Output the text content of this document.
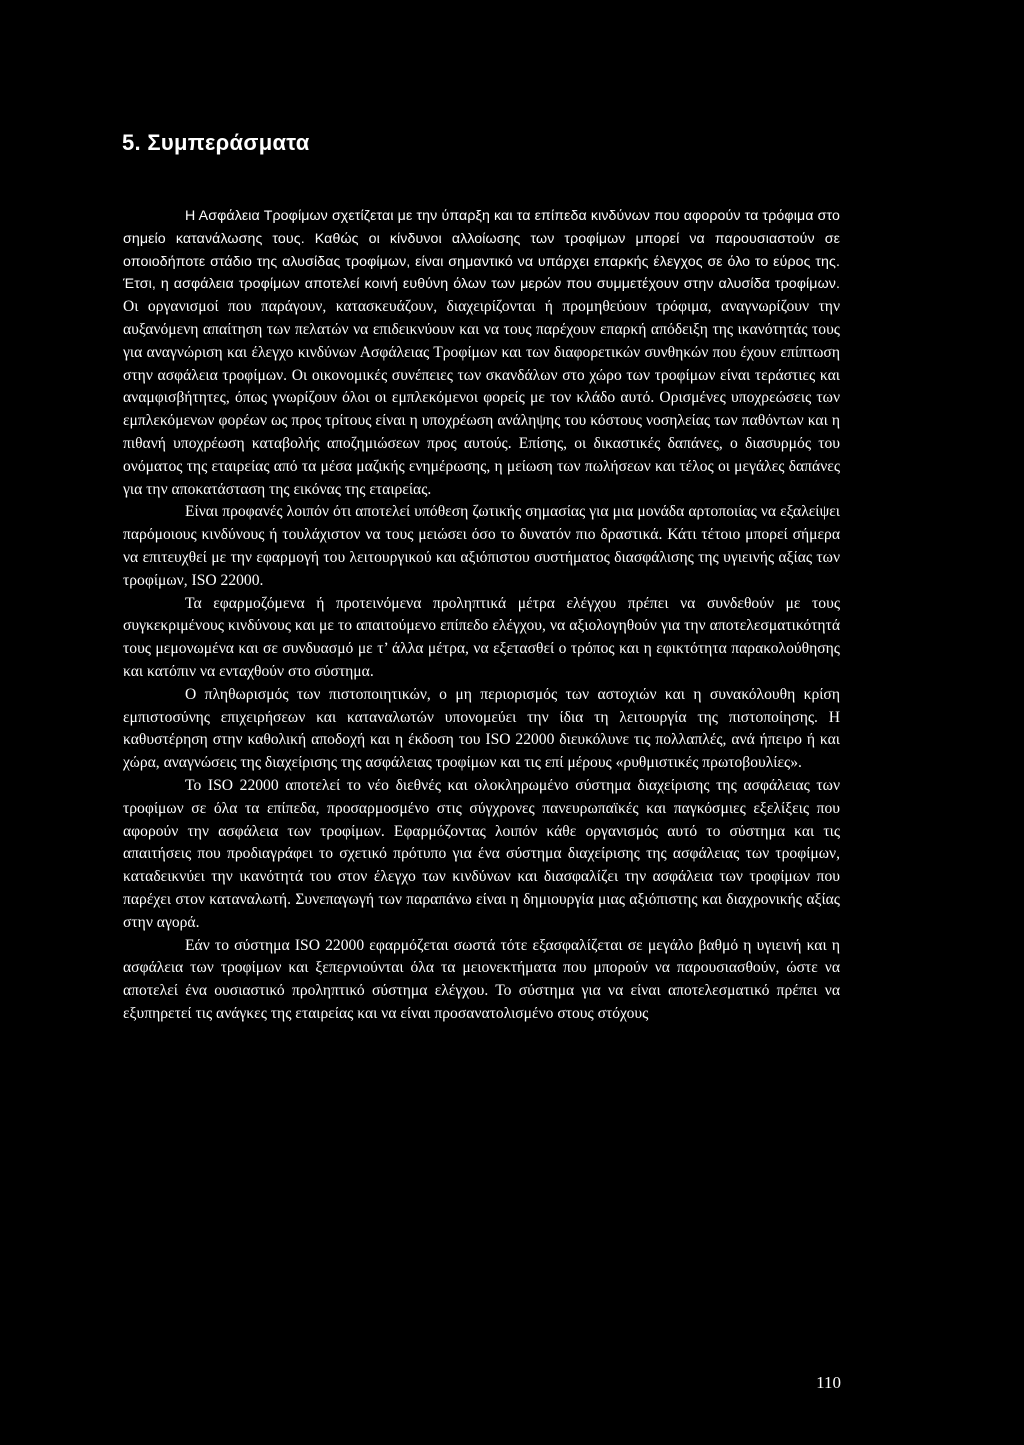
5. Συμπεράσματα

Η Ασφάλεια Τροφίμων σχετίζεται με την ύπαρξη και τα επίπεδα κινδύνων που αφορούν τα τρόφιμα στο σημείο κατανάλωσης τους. Καθώς οι κίνδυνοι αλλοίωσης των τροφίμων μπορεί να παρουσιαστούν σε οποιοδήποτε στάδιο της αλυσίδας τροφίμων, είναι σημαντικό να υπάρχει επαρκής έλεγχος σε όλο το εύρος της. Έτσι, η ασφάλεια τροφίμων αποτελεί κοινή ευθύνη όλων των μερών που συμμετέχουν στην αλυσίδα τροφίμων. Οι οργανισμοί που παράγουν, κατασκευάζουν, διαχειρίζονται ή προμηθεύουν τρόφιμα, αναγνωρίζουν την αυξανόμενη απαίτηση των πελατών να επιδεικνύουν και να τους παρέχουν επαρκή απόδειξη της ικανότητάς τους για αναγνώριση και έλεγχο κινδύνων Ασφάλειας Τροφίμων και των διαφορετικών συνθηκών που έχουν επίπτωση στην ασφάλεια τροφίμων. Οι οικονομικές συνέπειες των σκανδάλων στο χώρο των τροφίμων είναι τεράστιες και αναμφισβήτητες, όπως γνωρίζουν όλοι οι εμπλεκόμενοι φορείς με τον κλάδο αυτό. Ορισμένες υποχρεώσεις των εμπλεκόμενων φορέων ως προς τρίτους είναι η υποχρέωση ανάληψης του κόστους νοσηλείας των παθόντων και η πιθανή υποχρέωση καταβολής αποζημιώσεων προς αυτούς. Επίσης, οι δικαστικές δαπάνες, ο διασυρμός του ονόματος της εταιρείας από τα μέσα μαζικής ενημέρωσης, η μείωση των πωλήσεων και τέλος οι μεγάλες δαπάνες για την αποκατάσταση της εικόνας της εταιρείας.

Είναι προφανές λοιπόν ότι αποτελεί υπόθεση ζωτικής σημασίας για μια μονάδα αρτοποιίας να εξαλείψει παρόμοιους κινδύνους ή τουλάχιστον να τους μειώσει όσο το δυνατόν πιο δραστικά. Κάτι τέτοιο μπορεί σήμερα να επιτευχθεί με την εφαρμογή του λειτουργικού και αξιόπιστου συστήματος διασφάλισης της υγιεινής αξίας των τροφίμων, ISO 22000.

Τα εφαρμοζόμενα ή προτεινόμενα προληπτικά μέτρα ελέγχου πρέπει να συνδεθούν με τους συγκεκριμένους κινδύνους και με το απαιτούμενο επίπεδο ελέγχου, να αξιολογηθούν για την αποτελεσματικότητά τους μεμονωμένα και σε συνδυασμό με τ’ άλλα μέτρα, να εξετασθεί ο τρόπος και η εφικτότητα παρακολούθησης και κατόπιν να ενταχθούν στο σύστημα.

Ο πληθωρισμός των πιστοποιητικών, ο μη περιορισμός των αστοχιών και η συνακόλουθη κρίση εμπιστοσύνης επιχειρήσεων και καταναλωτών υπονομεύει την ίδια τη λειτουργία της πιστοποίησης. Η καθυστέρηση στην καθολική αποδοχή και η έκδοση του ISO 22000 διευκόλυνε τις πολλαπλές, ανά ήπειρο ή και χώρα, αναγνώσεις της διαχείρισης της ασφάλειας τροφίμων και τις επί μέρους «ρυθμιστικές πρωτοβουλίες».

Το ISO 22000 αποτελεί το νέο διεθνές και ολοκληρωμένο σύστημα διαχείρισης της ασφάλειας των τροφίμων σε όλα τα επίπεδα, προσαρμοσμένο στις σύγχρονες πανευρωπαϊκές και παγκόσμιες εξελίξεις που αφορούν την ασφάλεια των τροφίμων. Εφαρμόζοντας λοιπόν κάθε οργανισμός αυτό το σύστημα και τις απαιτήσεις που προδιαγράφει το σχετικό πρότυπο για ένα σύστημα διαχείρισης της ασφάλειας των τροφίμων, καταδεικνύει την ικανότητά του στον έλεγχο των κινδύνων και διασφαλίζει την ασφάλεια των τροφίμων που παρέχει στον καταναλωτή. Συνεπαγωγή των παραπάνω είναι η δημιουργία μιας αξιόπιστης και διαχρονικής αξίας στην αγορά.

Εάν το σύστημα ISO 22000 εφαρμόζεται σωστά τότε εξασφαλίζεται σε μεγάλο βαθμό η υγιεινή και η ασφάλεια των τροφίμων και ξεπερνιούνται όλα τα μειονεκτήματα που μπορούν να παρουσιασθούν, ώστε να αποτελεί ένα ουσιαστικό προληπτικό σύστημα ελέγχου. Το σύστημα για να είναι αποτελεσματικό πρέπει να εξυπηρετεί τις ανάγκες της εταιρείας και να είναι προσανατολισμένο στους στόχους

110
